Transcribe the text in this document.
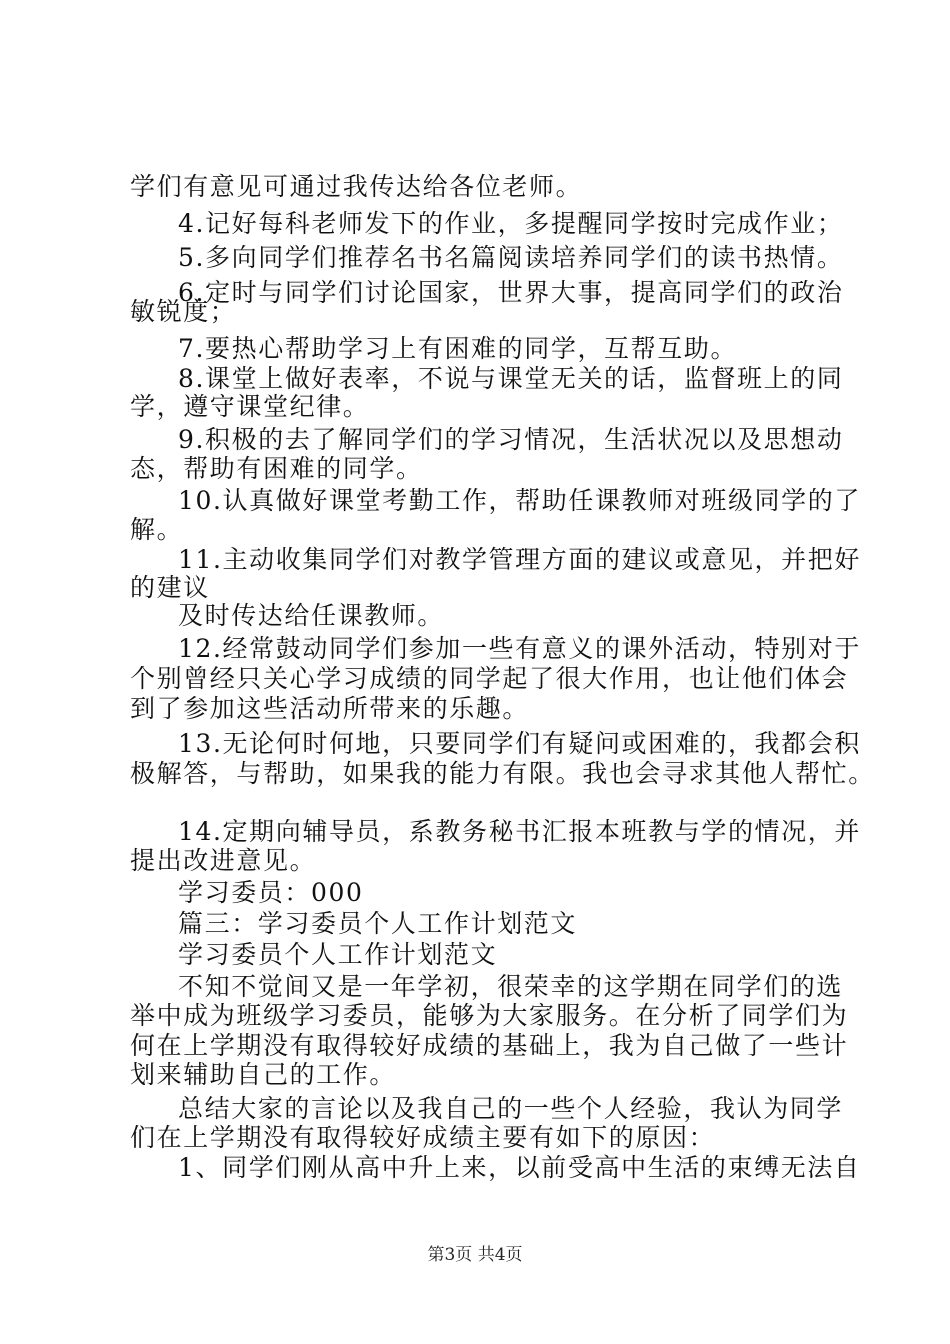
学们有意见可通过我传达给各位老师。
4.记好每科老师发下的作业，多提醒同学按时完成作业；
5.多向同学们推荐名书名篇阅读培养同学们的读书热情。
6.定时与同学们讨论国家，世界大事，提高同学们的政治
敏锐度；
7.要热心帮助学习上有困难的同学，互帮互助。
8.课堂上做好表率，不说与课堂无关的话，监督班上的同
学，遵守课堂纪律。
9.积极的去了解同学们的学习情况，生活状况以及思想动
态，帮助有困难的同学。
10.认真做好课堂考勤工作，帮助任课教师对班级同学的了
解。
11.主动收集同学们对教学管理方面的建议或意见，并把好
的建议
及时传达给任课教师。
12.经常鼓动同学们参加一些有意义的课外活动，特别对于
个别曾经只关心学习成绩的同学起了很大作用，也让他们体会
到了参加这些活动所带来的乐趣。
13.无论何时何地，只要同学们有疑问或困难的，我都会积
极解答，与帮助，如果我的能力有限。我也会寻求其他人帮忙。
14.定期向辅导员，系教务秘书汇报本班教与学的情况，并
提出改进意见。
学习委员：000
篇三：学习委员个人工作计划范文
学习委员个人工作计划范文
不知不觉间又是一年学初，很荣幸的这学期在同学们的选
举中成为班级学习委员，能够为大家服务。在分析了同学们为
何在上学期没有取得较好成绩的基础上，我为自己做了一些计
划来辅助自己的工作。
总结大家的言论以及我自己的一些个人经验，我认为同学
们在上学期没有取得较好成绩主要有如下的原因：
1、同学们刚从高中升上来，以前受高中生活的束缚无法自
第3页 共4页
